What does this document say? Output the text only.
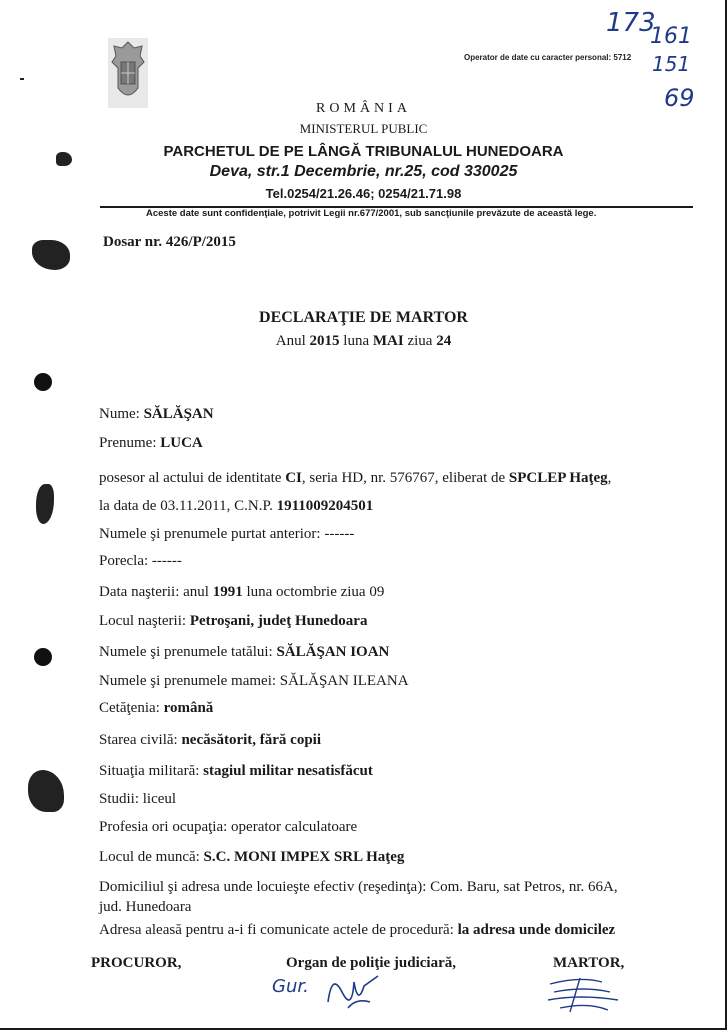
Operator de date cu caracter personal: 5712
173
161
151
69
ROMÂNIA
MINISTERUL PUBLIC
PARCHETUL DE PE LÂNGĂ TRIBUNALUL HUNEDOARA
Deva, str.1 Decembrie, nr.25, cod 330025
Tel.0254/21.26.46; 0254/21.71.98
Aceste date sunt confidenţiale, potrivit Legii nr.677/2001, sub sancţiunile prevăzute de această lege.
Dosar nr. 426/P/2015
DECLARAŢIE DE MARTOR
Anul 2015 luna MAI ziua 24
Nume: SĂLĂŞAN
Prenume: LUCA
posesor al actului de identitate CI, seria HD, nr. 576767, eliberat de SPCLEP Haţeg,
la data de 03.11.2011, C.N.P. 1911009204501
Numele şi prenumele purtat anterior: ------
Porecla: ------
Data naşterii: anul 1991 luna octombrie ziua 09
Locul naşterii: Petroşani, judeţ Hunedoara
Numele şi prenumele tatălui: SĂLĂŞAN IOAN
Numele şi prenumele mamei: SĂLĂŞAN ILEANA
Cetăţenia: română
Starea civilă: necăsătorit, fără copii
Situaţia militară: stagiul militar nesatisfăcut
Studii: liceul
Profesia ori ocupaţia: operator calculatoare
Locul de muncă: S.C. MONI IMPEX SRL Haţeg
Domiciliul şi adresa unde locuieşte efectiv (reşedinţa): Com. Baru, sat Petros, nr. 66A,
jud. Hunedoara
Adresa aleasă pentru a-i fi comunicate actele de procedură: la adresa unde domicilez
PROCUROR,	Organ de poliţie judiciară,	MARTOR,
Gur.
